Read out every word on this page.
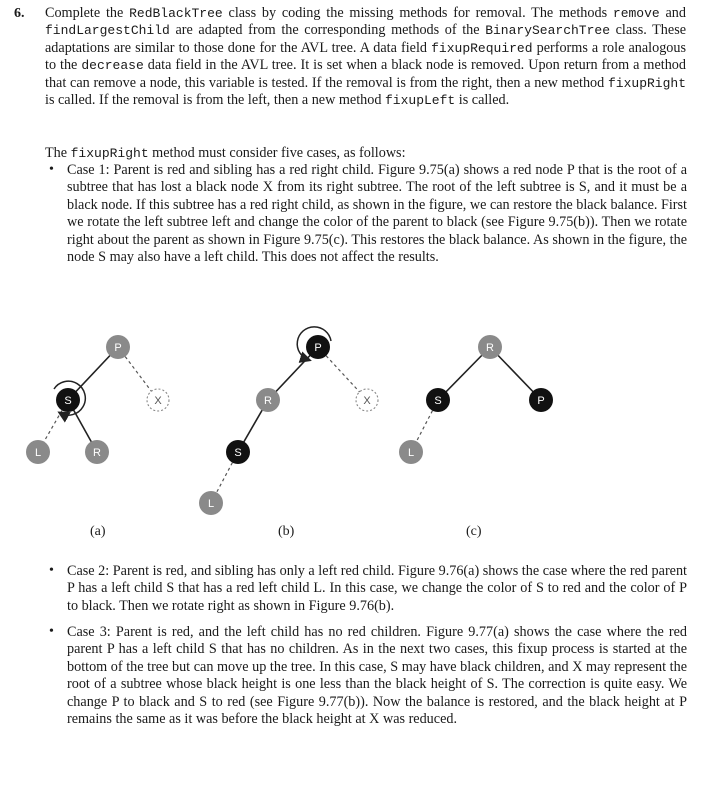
6. Complete the RedBlackTree class by coding the missing methods for removal. The methods remove and findLargestChild are adapted from the corresponding methods of the BinarySearchTree class. These adaptations are similar to those done for the AVL tree. A data field fixupRequired performs a role analogous to the decrease data field in the AVL tree. It is set when a black node is removed. Upon return from a method that can remove a node, this variable is tested. If the removal is from the right, then a new method fixupRight is called. If the removal is from the left, then a new method fixupLeft is called.

The fixupRight method must consider five cases, as follows:

• Case 1: Parent is red and sibling has a red right child. Figure 9.75(a) shows a red node P that is the root of a subtree that has lost a black node X from its right subtree. The root of the left subtree is S, and it must be a black node. If this subtree has a red right child, as shown in the figure, we can restore the black balance. First we rotate the left subtree left and change the color of the parent to black (see Figure 9.75(b)). Then we rotate right about the parent as shown in Figure 9.75(c). This restores the black balance. As shown in the figure, the node S may also have a left child. This does not affect the results.

P
S	X
L	R
P
R	X
S
L
R
S	P
L
(a)	(b)	(c)
• Case 2: Parent is red, and sibling has only a left red child. Figure 9.76(a) shows the case where the red parent P has a left child S that has a red left child L. In this case, we change the color of S to red and the color of P to black. Then we rotate right as shown in Figure 9.76(b).

• Case 3: Parent is red, and the left child has no red children. Figure 9.77(a) shows the case where the red parent P has a left child S that has no children. As in the next two cases, this fixup process is started at the bottom of the tree but can move up the tree. In this case, S may have black children, and X may represent the root of a subtree whose black height is one less than the black height of S. The correction is quite easy. We change P to black and S to red (see Figure 9.77(b)). Now the balance is restored, and the black height at P remains the same as it was before the black height at X was reduced.
